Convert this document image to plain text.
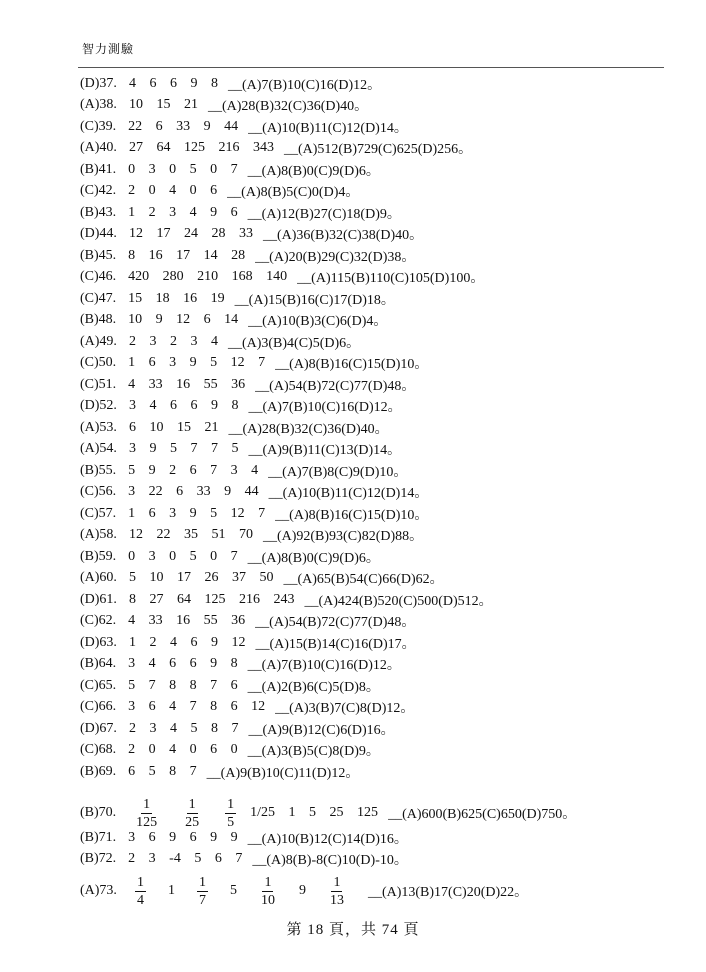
智力測驗
(D)37. 4 6 6 9 8 __(A)7(B)10(C)16(D)12。
(A)38. 10 15 21 __(A)28(B)32(C)36(D)40。
(C)39. 22 6 33 9 44 __(A)10(B)11(C)12(D)14。
(A)40. 27 64 125 216 343 __(A)512(B)729(C)625(D)256。
(B)41. 0 3 0 5 0 7 __(A)8(B)0(C)9(D)6。
(C)42. 2 0 4 0 6 __(A)8(B)5(C)0(D)4。
(B)43. 1 2 3 4 9 6 __(A)12(B)27(C)18(D)9。
(D)44. 12 17 24 28 33 __(A)36(B)32(C)38(D)40。
(B)45. 8 16 17 14 28 __(A)20(B)29(C)32(D)38。
(C)46. 420 280 210 168 140 __(A)115(B)110(C)105(D)100。
(C)47. 15 18 16 19 __(A)15(B)16(C)17(D)18。
(B)48. 10 9 12 6 14 __(A)10(B)3(C)6(D)4。
(A)49. 2 3 2 3 4 __(A)3(B)4(C)5(D)6。
(C)50. 1 6 3 9 5 12 7 __(A)8(B)16(C)15(D)10。
(C)51. 4 33 16 55 36 __(A)54(B)72(C)77(D)48。
(D)52. 3 4 6 6 9 8 __(A)7(B)10(C)16(D)12。
(A)53. 6 10 15 21 __(A)28(B)32(C)36(D)40。
(A)54. 3 9 5 7 7 5 __(A)9(B)11(C)13(D)14。
(B)55. 5 9 2 6 7 3 4 __(A)7(B)8(C)9(D)10。
(C)56. 3 22 6 33 9 44 __(A)10(B)11(C)12(D)14。
(C)57. 1 6 3 9 5 12 7 __(A)8(B)16(C)15(D)10。
(A)58. 12 22 35 51 70 __(A)92(B)93(C)82(D)88。
(B)59. 0 3 0 5 0 7 __(A)8(B)0(C)9(D)6。
(A)60. 5 10 17 26 37 50 __(A)65(B)54(C)66(D)62。
(D)61. 8 27 64 125 216 243 __(A)424(B)520(C)500(D)512。
(C)62. 4 33 16 55 36 __(A)54(B)72(C)77(D)48。
(D)63. 1 2 4 6 9 12 __(A)15(B)14(C)16(D)17。
(B)64. 3 4 6 6 9 8 __(A)7(B)10(C)16(D)12。
(C)65. 5 7 8 8 7 6 __(A)2(B)6(C)5(D)8。
(C)66. 3 6 4 7 8 6 12 __(A)3(B)7(C)8(D)12。
(D)67. 2 3 4 5 8 7 __(A)9(B)12(C)6(D)16。
(C)68. 2 0 4 0 6 0 __(A)3(B)5(C)8(D)9。
(B)69. 6 5 8 7 __(A)9(B)10(C)11(D)12。
(B)70. $\frac{1}{125} \frac{1}{25} \frac{1}{5} 1/25$ 1 5 25 125 __(A)600(B)625(C)650(D)750。
(B)71. 3 6 9 6 9 9 __(A)10(B)12(C)14(D)16。
(B)72. 2 3 -4 5 6 7 __(A)8(B)-8(C)10(D)-10。
(A)73. $\frac{1}{4} 1 \frac{1}{7} 5 \frac{1}{10} 9 \frac{1}{13}$ __(A)13(B)17(C)20(D)22。
第 18 頁，共 74 頁
